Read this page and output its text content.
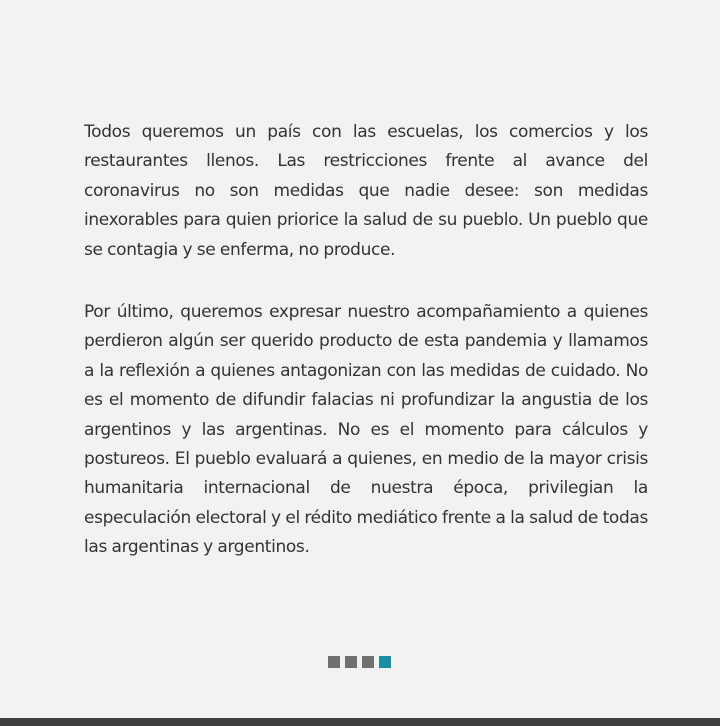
Todos queremos un país con las escuelas, los comercios y los restaurantes llenos. Las restricciones frente al avance del coronavirus no son medidas que nadie desee: son medidas inexorables para quien priorice la salud de su pueblo. Un pueblo que se contagia y se enferma, no produce.

Por último, queremos expresar nuestro acompañamiento a quienes perdieron algún ser querido producto de esta pandemia y llamamos a la reflexión a quienes antagonizan con las medidas de cuidado. No es el momento de difundir falacias ni profundizar la angustia de los argentinos y las argentinas. No es el momento para cálculos y postureos. El pueblo evaluará a quienes, en medio de la mayor crisis humanitaria internacional de nuestra época, privilegian la especulación electoral y el rédito mediático frente a la salud de todas las argentinas y argentinos.
